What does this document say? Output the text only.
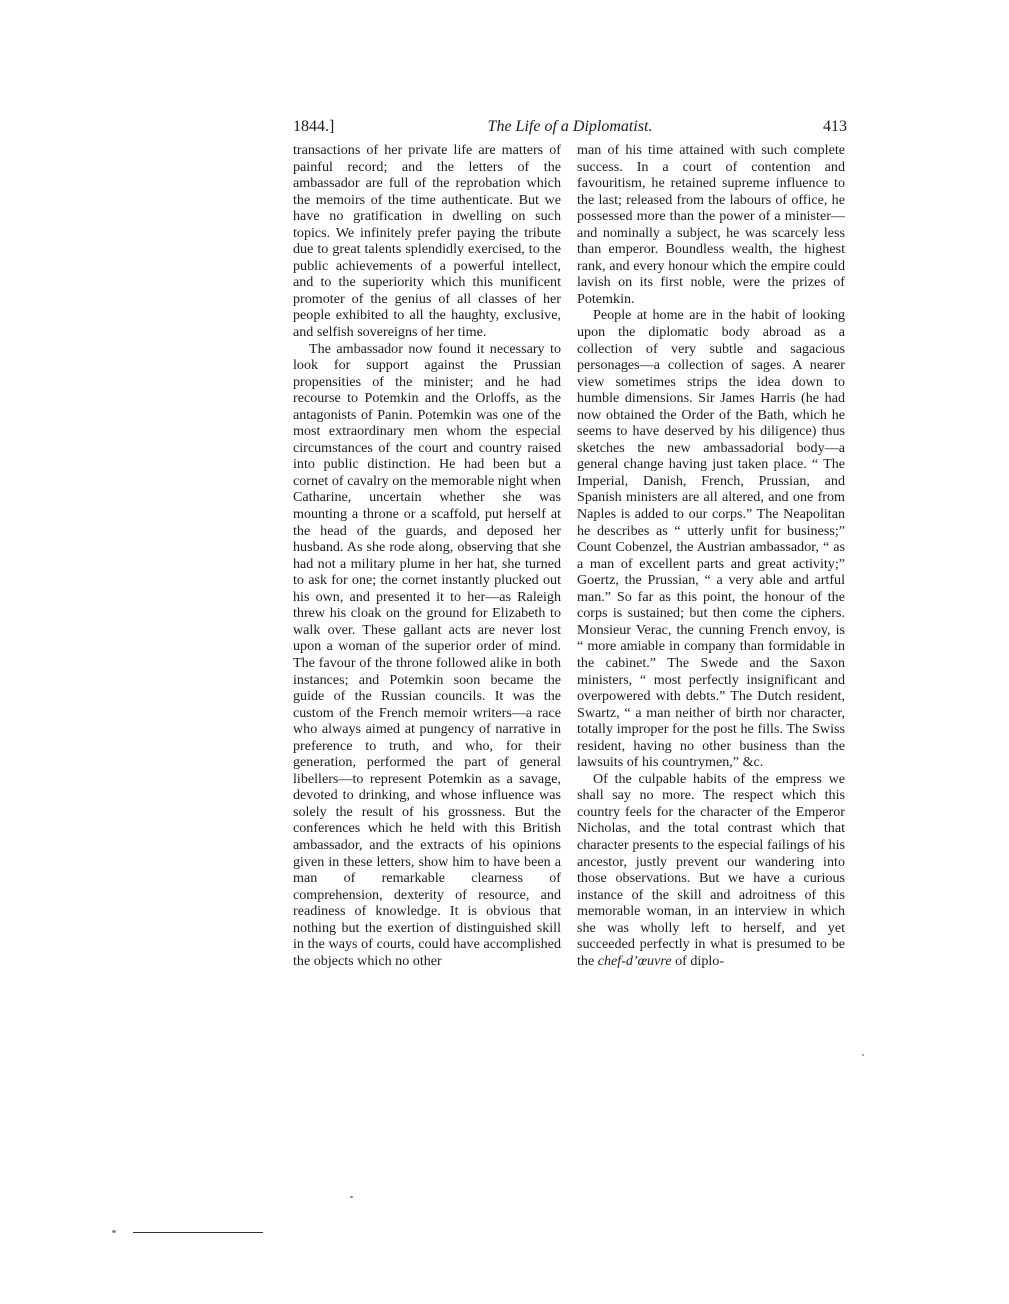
1844.]	The Life of a Diplomatist.	413

transactions of her private life are matters of painful record; and the letters of the ambassador are full of the reprobation which the memoirs of the time authenticate. But we have no gratification in dwelling on such topics. We infinitely prefer paying the tribute due to great talents splendidly exercised, to the public achievements of a powerful intellect, and to the superiority which this munificent promoter of the genius of all classes of her people exhibited to all the haughty, exclusive, and selfish sovereigns of her time.

The ambassador now found it necessary to look for support against the Prussian propensities of the minister; and he had recourse to Potemkin and the Orloffs, as the antagonists of Panin. Potemkin was one of the most extraordinary men whom the especial circumstances of the court and country raised into public distinction. He had been but a cornet of cavalry on the memorable night when Catharine, uncertain whether she was mounting a throne or a scaffold, put herself at the head of the guards, and deposed her husband. As she rode along, observing that she had not a military plume in her hat, she turned to ask for one; the cornet instantly plucked out his own, and presented it to her—as Raleigh threw his cloak on the ground for Elizabeth to walk over. These gallant acts are never lost upon a woman of the superior order of mind. The favour of the throne followed alike in both instances; and Potemkin soon became the guide of the Russian councils. It was the custom of the French memoir writers—a race who always aimed at pungency of narrative in preference to truth, and who, for their generation, performed the part of general libellers—to represent Potemkin as a savage, devoted to drinking, and whose influence was solely the result of his grossness. But the conferences which he held with this British ambassador, and the extracts of his opinions given in these letters, show him to have been a man of remarkable clearness of comprehension, dexterity of resource, and readiness of knowledge. It is obvious that nothing but the exertion of distinguished skill in the ways of courts, could have accomplished the objects which no other

man of his time attained with such complete success. In a court of contention and favouritism, he retained supreme influence to the last; released from the labours of office, he possessed more than the power of a minister—and nominally a subject, he was scarcely less than emperor. Boundless wealth, the highest rank, and every honour which the empire could lavish on its first noble, were the prizes of Potemkin.

People at home are in the habit of looking upon the diplomatic body abroad as a collection of very subtle and sagacious personages—a collection of sages. A nearer view sometimes strips the idea down to humble dimensions. Sir James Harris (he had now obtained the Order of the Bath, which he seems to have deserved by his diligence) thus sketches the new ambassadorial body—a general change having just taken place. “ The Imperial, Danish, French, Prussian, and Spanish ministers are all altered, and one from Naples is added to our corps.” The Neapolitan he describes as “ utterly unfit for business;” Count Cobenzel, the Austrian ambassador, “ as a man of excellent parts and great activity;” Goertz, the Prussian, “ a very able and artful man.” So far as this point, the honour of the corps is sustained; but then come the ciphers. Monsieur Verac, the cunning French envoy, is “ more amiable in company than formidable in the cabinet.” The Swede and the Saxon ministers, “ most perfectly insignificant and overpowered with debts.” The Dutch resident, Swartz, “ a man neither of birth nor character, totally improper for the post he fills. The Swiss resident, having no other business than the lawsuits of his countrymen,” &c.

Of the culpable habits of the empress we shall say no more. The respect which this country feels for the character of the Emperor Nicholas, and the total contrast which that character presents to the especial failings of his ancestor, justly prevent our wandering into those observations. But we have a curious instance of the skill and adroitness of this memorable woman, in an interview in which she was wholly left to herself, and yet succeeded perfectly in what is presumed to be the chef-d’œuvre of diplo-
